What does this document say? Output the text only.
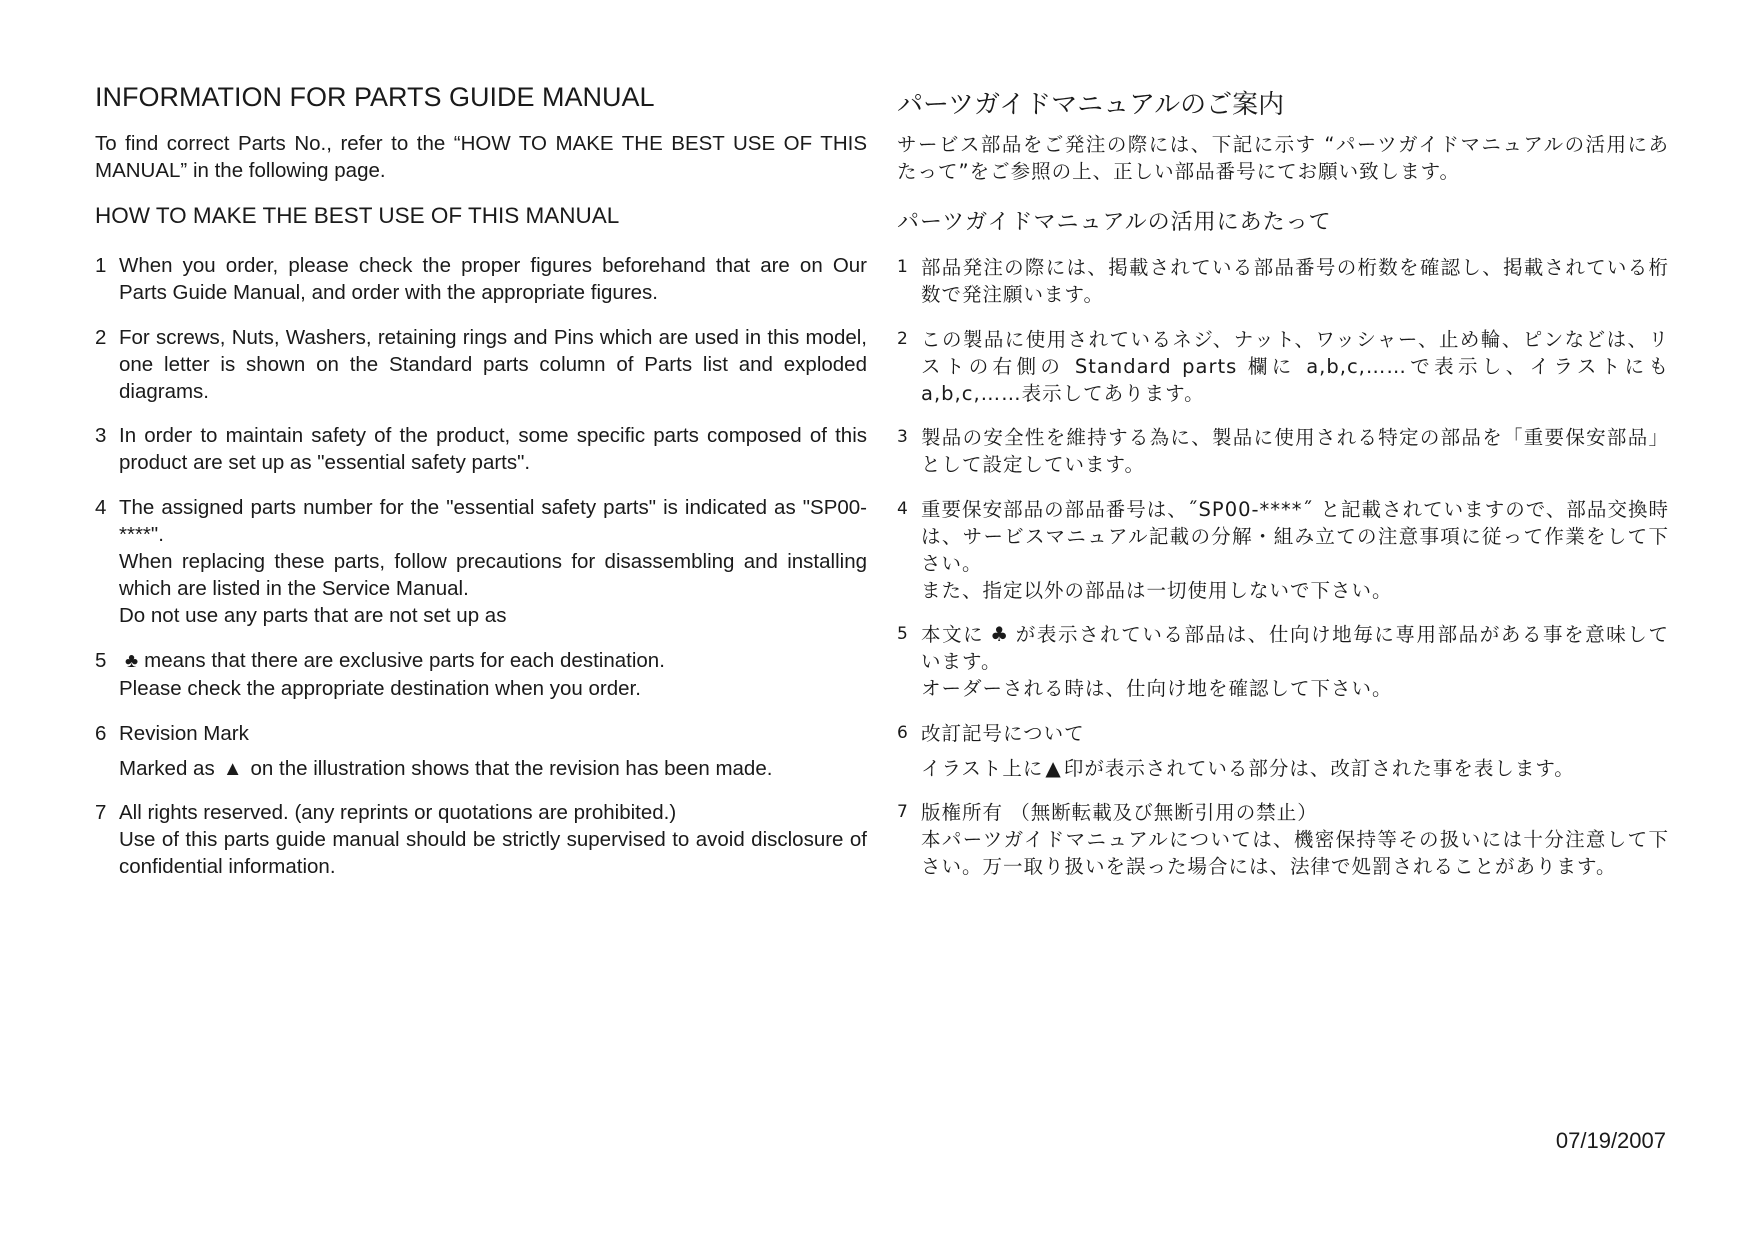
INFORMATION FOR PARTS GUIDE MANUAL
To find correct Parts No., refer to the “HOW TO MAKE THE BEST USE OF THIS MANUAL” in the following page.
HOW TO MAKE THE BEST USE OF THIS MANUAL
1 When you order, please check the proper figures beforehand that are on Our Parts Guide Manual, and order with the appropriate figures.
2 For screws, Nuts, Washers, retaining rings and Pins which are used in this model, one letter is shown on the Standard parts column of Parts list and exploded diagrams.
3 In order to maintain safety of the product, some specific parts composed of this product are set up as "essential safety parts".
4 The assigned parts number for the "essential safety parts" is indicated as "SP00-****".
When replacing these parts, follow precautions for disassembling and installing which are listed in the Service Manual.
Do not use any parts that are not set up as
5 ♣ means that there are exclusive parts for each destination.
Please check the appropriate destination when you order.
6 Revision Mark
Marked as ▲ on the illustration shows that the revision has been made.
7 All rights reserved. (any reprints or quotations are prohibited.)
Use of this parts guide manual should be strictly supervised to avoid disclosure of confidential information.
パーツガイドマニュアルのご案内
サービス部品をご発注の際には、下記に示す “パーツガイドマニュアルの活用にあたって”をご参照の上、正しい部品番号にてお願い致します。
パーツガイドマニュアルの活用にあたって
1 部品発注の際には、掲載されている部品番号の桁数を確認し、掲載されている桁数で発注願います。
2 この製品に使用されているネジ、ナット、ワッシャー、止め輪、ピンなどは、リストの右側の Standard parts 欄に a,b,c,……で表示し、イラストにも a,b,c,……表示してあります。
3 製品の安全性を維持する為に、製品に使用される特定の部品を「重要保安部品」として設定しています。
4 重要保安部品の部品番号は、˝SP00-****˝ と記載されていますので、部品交換時は、サービスマニュアル記載の分解・組み立ての注意事項に従って作業をして下さい。
また、指定以外の部品は一切使用しないで下さい。
5 本文に ♣ が表示されている部品は、仕向け地毎に専用部品がある事を意味しています。
オーダーされる時は、仕向け地を確認して下さい。
6 改訂記号について
イラスト上に ▲ 印が表示されている部分は、改訂された事を表します。
7 版権所有 （無断転載及び無断引用の禁止）
本パーツガイドマニュアルについては、機密保持等その扱いには十分注意して下さい。万一取り扱いを誤った場合には、法律で処罰されることがあります。
07/19/2007
